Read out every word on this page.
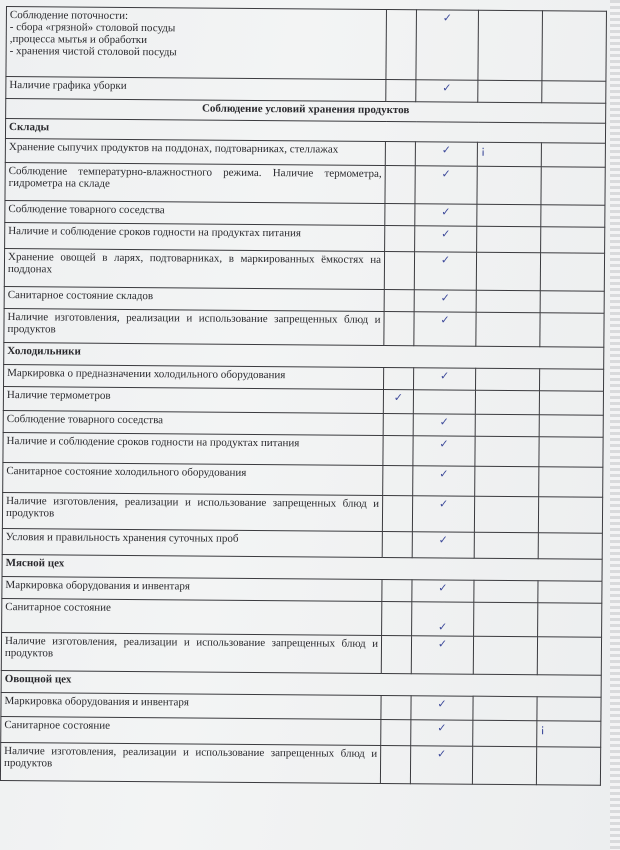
Соблюдение поточности:
- сбора «грязной» столовой посуды
,процесса мытья и обработки
- хранения чистой столовой посуды		✓		
Наличие графика уборки		✓		
Соблюдение условий хранения продуктов				
Склады				
Хранение сыпучих продуктов на поддонах, подтоварниках, стеллажах		✓	¡	
Соблюдение температурно-влажностного режима. Наличие термометра, гидрометра на складе		✓		
Соблюдение товарного соседства		✓		
Наличие и соблюдение сроков годности на продуктах питания		✓		
Хранение овощей в ларях, подтоварниках, в маркированных ёмкостях на поддонах		✓		
Санитарное состояние складов		✓		
Наличие изготовления, реализации и использование запрещенных блюд и продуктов		✓		
Холодильники				
Маркировка о предназначении холодильного оборудования		✓		
Наличие термометров	✓			
Соблюдение товарного соседства		✓		
Наличие и соблюдение сроков годности на продуктах питания		✓		
Санитарное состояние холодильного оборудования		✓		
Наличие изготовления, реализации и использование запрещенных блюд и продуктов		✓		
Условия и правильность хранения суточных проб		✓		
Мясной цех				
Маркировка оборудования и инвентаря		✓		
Санитарное состояние		✓		
Наличие изготовления, реализации и использование запрещенных блюд и продуктов		✓		
Овощной цех				
Маркировка оборудования и инвентаря		✓		
Санитарное состояние		✓		¡
Наличие изготовления, реализации и использование запрещенных блюд и продуктов		✓		
